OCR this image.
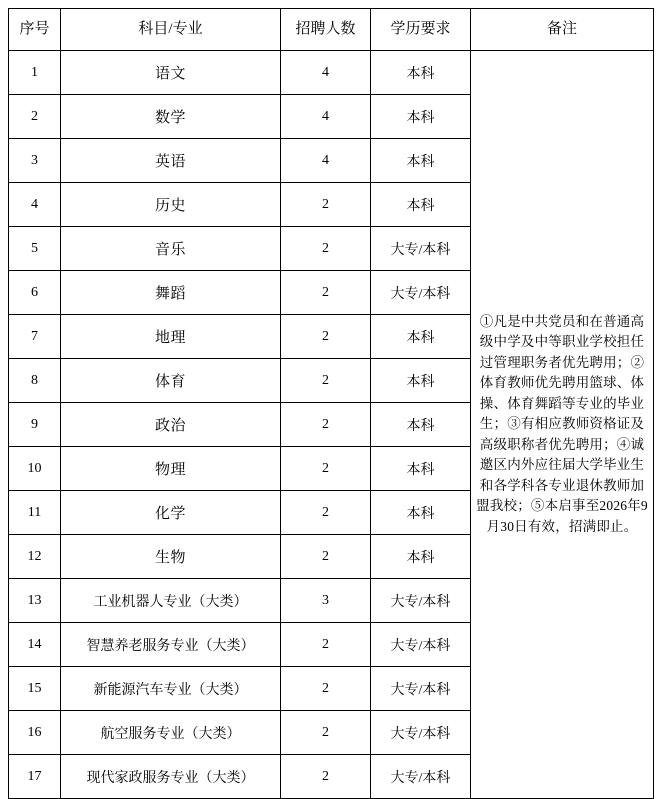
序号	科目/专业	招聘人数	学历要求	备注
1	语文	4	本科	①凡是中共党员和在普通高级中学及中等职业学校担任过管理职务者优先聘用；②体育教师优先聘用篮球、体操、体育舞蹈等专业的毕业生；③有相应教师资格证及高级职称者优先聘用；④诚邀区内外应往届大学毕业生和各学科各专业退休教师加盟我校；⑤本启事至2026年9月30日有效，招满即止。
2	数学	4	本科	
3	英语	4	本科	
4	历史	2	本科	
5	音乐	2	大专/本科	
6	舞蹈	2	大专/本科	
7	地理	2	本科	
8	体育	2	本科	
9	政治	2	本科	
10	物理	2	本科	
11	化学	2	本科	
12	生物	2	本科	
13	工业机器人专业（大类）	3	大专/本科	
14	智慧养老服务专业（大类）	2	大专/本科	
15	新能源汽车专业（大类）	2	大专/本科	
16	航空服务专业（大类）	2	大专/本科	
17	现代家政服务专业（大类）	2	大专/本科	
